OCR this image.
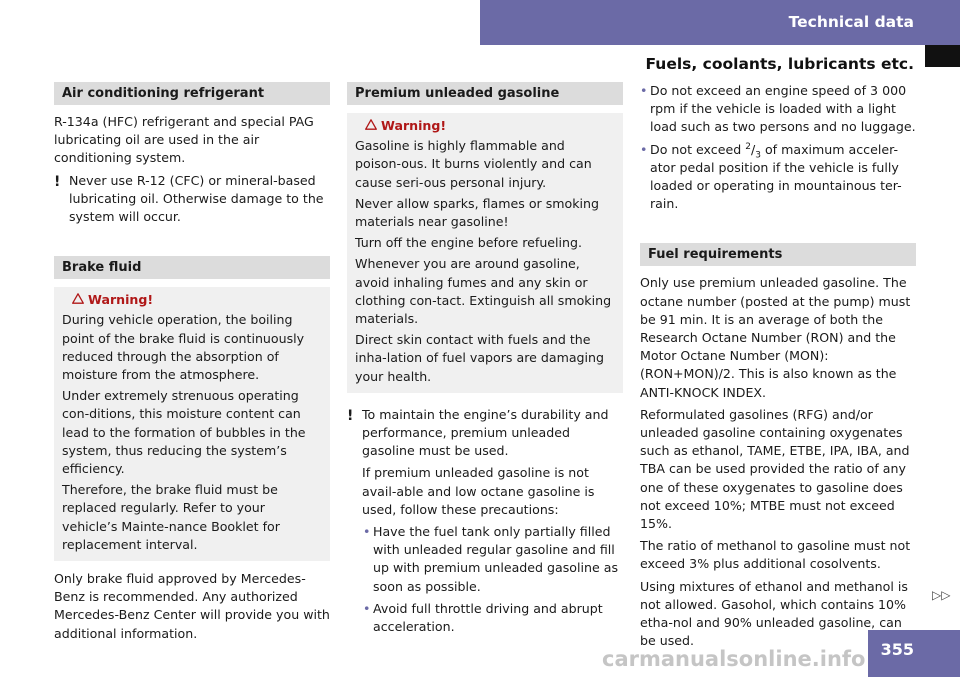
Technical data
Fuels, coolants, lubricants etc.
Air conditioning refrigerant

R-134a (HFC) refrigerant and special PAG lubricating oil are used in the air conditioning system.

! Never use R-12 (CFC) or mineral-based lubricating oil. Otherwise damage to the system will occur.
Brake fluid
Warning!

During vehicle operation, the boiling point of the brake fluid is continuously reduced through the absorption of moisture from the atmosphere.

Under extremely strenuous operating con-ditions, this moisture content can lead to the formation of bubbles in the system, thus reducing the system’s efficiency.

Therefore, the brake fluid must be replaced regularly. Refer to your vehicle’s Mainte-nance Booklet for replacement interval.

Only brake fluid approved by Mercedes-Benz is recommended. Any authorized Mercedes-Benz Center will provide you with additional information.

Premium unleaded gasoline
Warning!

Gasoline is highly flammable and poison-ous. It burns violently and can cause seri-ous personal injury.

Never allow sparks, flames or smoking materials near gasoline!

Turn off the engine before refueling.

Whenever you are around gasoline, avoid inhaling fumes and any skin or clothing con-tact. Extinguish all smoking materials.

Direct skin contact with fuels and the inha-lation of fuel vapors are damaging your health.

! To maintain the engine’s durability and performance, premium unleaded gasoline must be used.
If premium unleaded gasoline is not avail-able and low octane gasoline is used, follow these precautions:
• Have the fuel tank only partially filled with unleaded regular gasoline and fill up with premium unleaded gasoline as soon as possible.
• Avoid full throttle driving and abrupt acceleration.
• Do not exceed an engine speed of 3 000 rpm if the vehicle is loaded with a light load such as two persons and no luggage.
• Do not exceed $^2/_3$ of maximum acceler-ator pedal position if the vehicle is fully loaded or operating in mountainous ter-rain.
Fuel requirements

Only use premium unleaded gasoline. The octane number (posted at the pump) must be 91 min. It is an average of both the Research Octane Number (RON) and the Motor Octane Number (MON): (RON+MON)/2. This is also known as the ANTI-KNOCK INDEX.

Reformulated gasolines (RFG) and/or unleaded gasoline containing oxygenates such as ethanol, TAME, ETBE, IPA, IBA, and TBA can be used provided the ratio of any one of these oxygenates to gasoline does not exceed 10%; MTBE must not exceed 15%.

The ratio of methanol to gasoline must not exceed 3% plus additional cosolvents.

Using mixtures of ethanol and methanol is not allowed. Gasohol, which contains 10% etha-nol and 90% unleaded gasoline, can be used.

▷▷
355
carmanualsonline.info
